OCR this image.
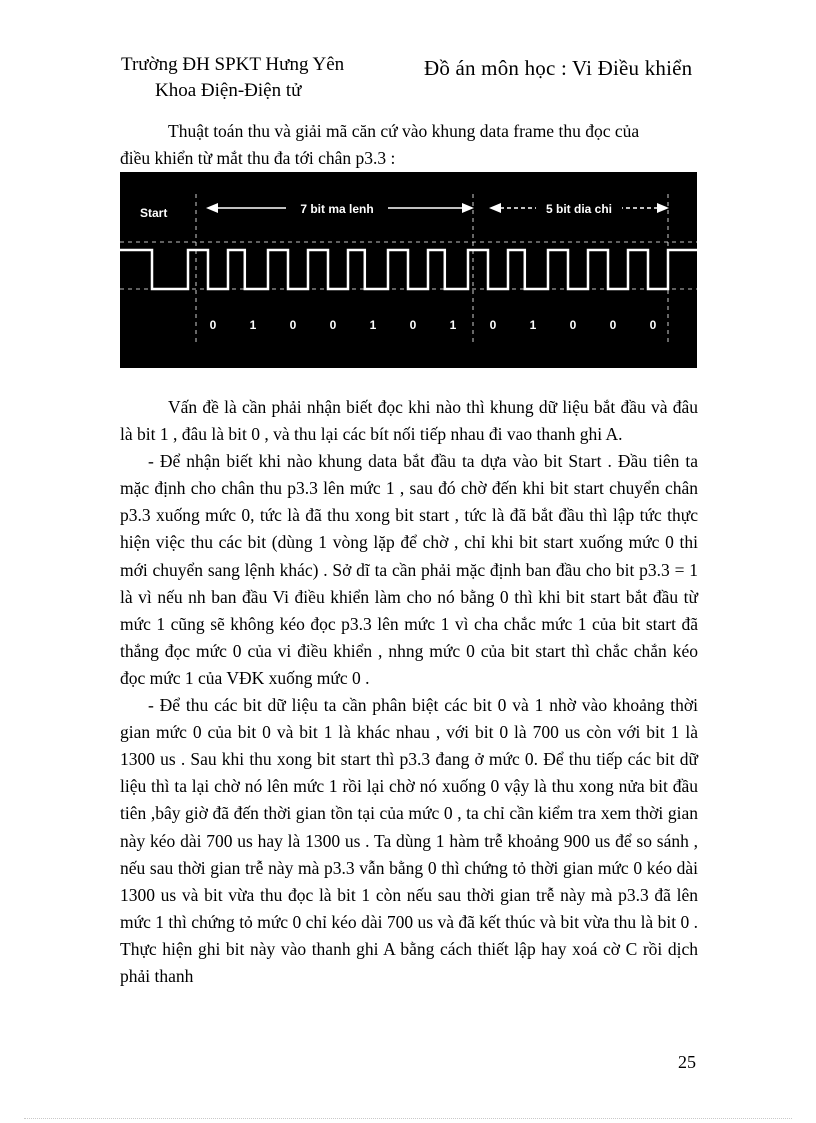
Trường ĐH SPKT Hưng Yên
Khoa Điện-Điện tử
Đồ án môn học : Vi Điều khiển
Thuật toán thu và giải mã căn cứ vào khung data frame thu đọc của
điều khiển từ mắt thu đa tới chân p3.3 :
Start	7 bit ma lenh	5 bit dia chi
0	1	0	0	1	0	1	0	1	0	0	0

Vấn đề là cần phải nhận biết đọc khi nào thì khung dữ liệu bắt đầu và đâu là bit 1 , đâu là bit 0 , và thu lại các bít nối tiếp nhau đi vao thanh ghi A.

- Để nhận biết khi nào khung data bắt đầu ta dựa vào bit Start . Đầu tiên ta mặc định cho chân thu p3.3 lên mức 1 , sau đó chờ đến khi bit start chuyển chân p3.3 xuống mức 0, tức là đã thu xong bit start , tức là đã bắt đầu thì lập tức thực hiện việc thu các bit (dùng 1 vòng lặp để chờ , chỉ khi bit start xuống mức 0 thi mới chuyển sang lệnh khác) . Sở dĩ ta cần phải mặc định ban đầu cho bit p3.3 = 1 là vì nếu nh ban đầu Vi điều khiển làm cho nó bằng 0 thì khi bit start bắt đầu từ mức 1 cũng sẽ không kéo đọc p3.3 lên mức 1 vì cha chắc mức 1 của bit start đã thắng đọc mức 0 của vi điều khiển , nhng mức 0 của bit start thì chắc chắn kéo đọc mức 1 của VĐK xuống mức 0 .

- Để thu các bit dữ liệu ta cần phân biệt các bit 0 và 1 nhờ vào khoảng thời gian mức 0 của bit 0 và bit 1 là khác nhau , với bit 0 là 700 us còn với bit 1 là 1300 us . Sau khi thu xong bit start thì p3.3 đang ở mức 0. Để thu tiếp các bit dữ liệu thì ta lại chờ nó lên mức 1 rồi lại chờ nó xuống 0 vậy là thu xong nửa bit đầu tiên ,bây giờ đã đến thời gian tồn tại của mức 0 , ta chỉ cần kiểm tra xem thời gian này kéo dài 700 us hay là 1300 us . Ta dùng 1 hàm trễ khoảng 900 us để so sánh , nếu sau thời gian trễ này mà p3.3 vẫn bằng 0 thì chứng tỏ thời gian mức 0 kéo dài 1300 us và bit vừa thu đọc là bit 1 còn nếu sau thời gian trễ này mà p3.3 đã lên mức 1 thì chứng tỏ mức 0 chỉ kéo dài 700 us và đã kết thúc và bit vừa thu là bit 0 . Thực hiện ghi bit này vào thanh ghi A bằng cách thiết lập hay xoá cờ C rồi dịch phải thanh

25
